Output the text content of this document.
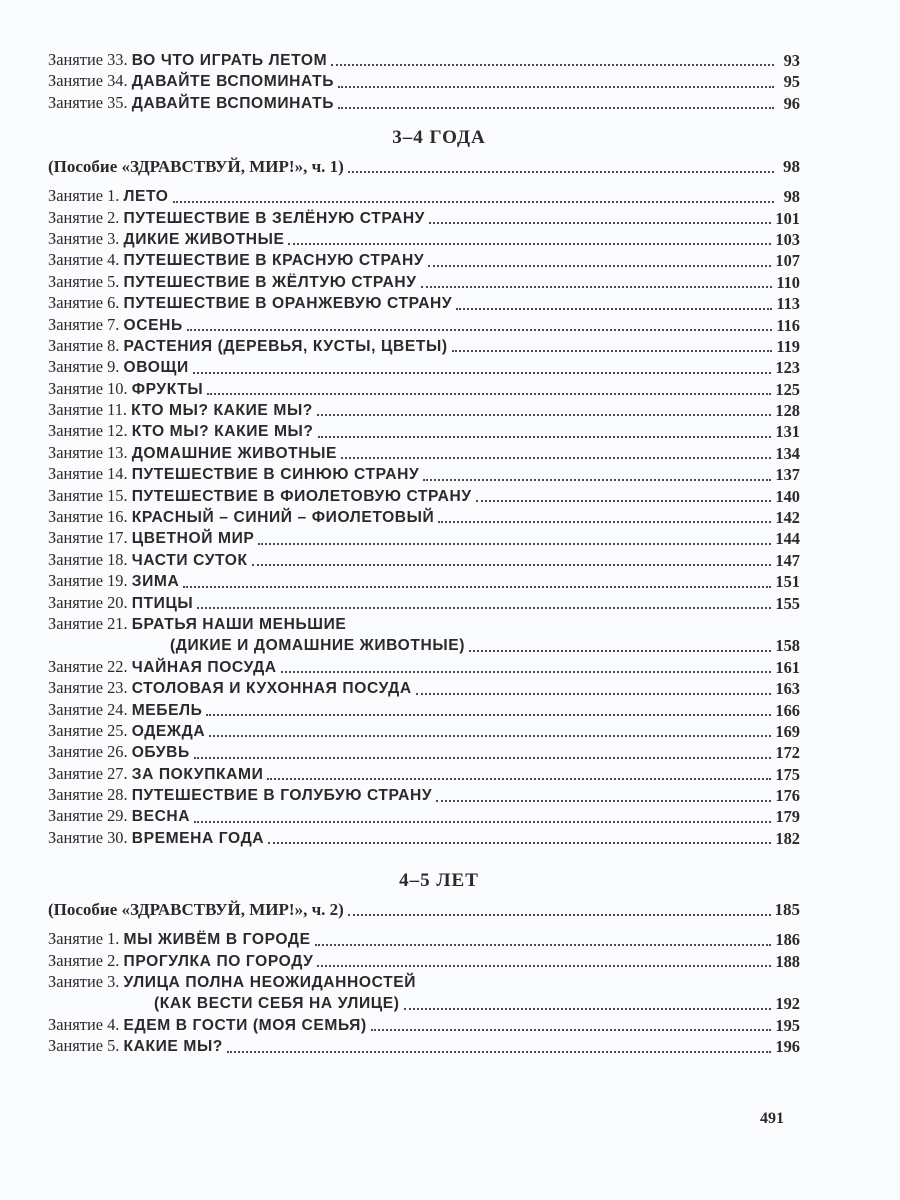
Занятие 33. ВО ЧТО ИГРАТЬ ЛЕТОМ	93
Занятие 34. ДАВАЙТЕ ВСПОМИНАТЬ	95
Занятие 35. ДАВАЙТЕ ВСПОМИНАТЬ	96
3–4 ГОДА
(Пособие «ЗДРАВСТВУЙ, МИР!», ч. 1)	98
Занятие 1. ЛЕТО	98
Занятие 2. ПУТЕШЕСТВИЕ В ЗЕЛЁНУЮ СТРАНУ	101
Занятие 3. ДИКИЕ ЖИВОТНЫЕ	103
Занятие 4. ПУТЕШЕСТВИЕ В КРАСНУЮ СТРАНУ	107
Занятие 5. ПУТЕШЕСТВИЕ В ЖЁЛТУЮ СТРАНУ	110
Занятие 6. ПУТЕШЕСТВИЕ В ОРАНЖЕВУЮ СТРАНУ	113
Занятие 7. ОСЕНЬ	116
Занятие 8. РАСТЕНИЯ (ДЕРЕВЬЯ, КУСТЫ, ЦВЕТЫ)	119
Занятие 9. ОВОЩИ	123
Занятие 10. ФРУКТЫ	125
Занятие 11. КТО МЫ? КАКИЕ МЫ?	128
Занятие 12. КТО МЫ? КАКИЕ МЫ?	131
Занятие 13. ДОМАШНИЕ ЖИВОТНЫЕ	134
Занятие 14. ПУТЕШЕСТВИЕ В СИНЮЮ СТРАНУ	137
Занятие 15. ПУТЕШЕСТВИЕ В ФИОЛЕТОВУЮ СТРАНУ	140
Занятие 16. КРАСНЫЙ – СИНИЙ – ФИОЛЕТОВЫЙ	142
Занятие 17. ЦВЕТНОЙ МИР	144
Занятие 18. ЧАСТИ СУТОК	147
Занятие 19. ЗИМА	151
Занятие 20. ПТИЦЫ	155
Занятие 21. БРАТЬЯ НАШИ МЕНЬШИЕ
(ДИКИЕ И ДОМАШНИЕ ЖИВОТНЫЕ)	158
Занятие 22. ЧАЙНАЯ ПОСУДА	161
Занятие 23. СТОЛОВАЯ И КУХОННАЯ ПОСУДА	163
Занятие 24. МЕБЕЛЬ	166
Занятие 25. ОДЕЖДА	169
Занятие 26. ОБУВЬ	172
Занятие 27. ЗА ПОКУПКАМИ	175
Занятие 28. ПУТЕШЕСТВИЕ В ГОЛУБУЮ СТРАНУ	176
Занятие 29. ВЕСНА	179
Занятие 30. ВРЕМЕНА ГОДА	182
4–5 ЛЕТ
(Пособие «ЗДРАВСТВУЙ, МИР!», ч. 2)	185
Занятие 1. МЫ ЖИВЁМ В ГОРОДЕ	186
Занятие 2. ПРОГУЛКА ПО ГОРОДУ	188
Занятие 3. УЛИЦА ПОЛНА НЕОЖИДАННОСТЕЙ
(КАК ВЕСТИ СЕБЯ НА УЛИЦЕ)	192
Занятие 4. ЕДЕМ В ГОСТИ (МОЯ СЕМЬЯ)	195
Занятие 5. КАКИЕ МЫ?	196
491
